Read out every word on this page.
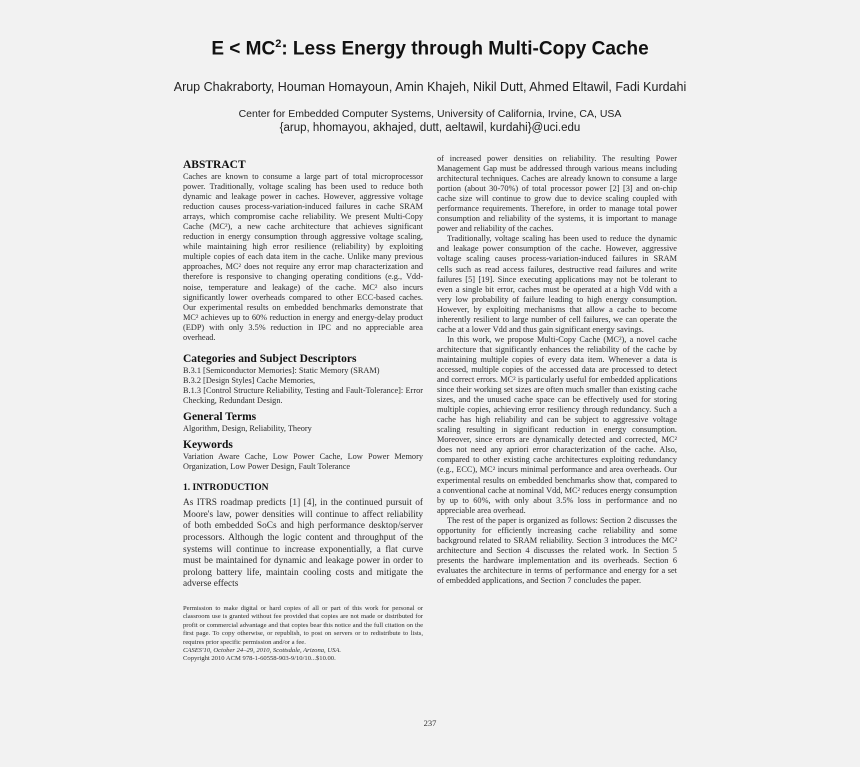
$E < MC^2$: Less Energy through Multi-Copy Cache
Arup Chakraborty, Houman Homayoun, Amin Khajeh, Nikil Dutt, Ahmed Eltawil, Fadi Kurdahi
Center for Embedded Computer Systems, University of California, Irvine, CA, USA
{arup, hhomayou, akhajed, dutt, aeltawil, kurdahi}@uci.edu
ABSTRACT

Caches are known to consume a large part of total microprocessor power. Traditionally, voltage scaling has been used to reduce both dynamic and leakage power in caches. However, aggressive voltage reduction causes process-variation-induced failures in cache SRAM arrays, which compromise cache reliability. We present Multi-Copy Cache (MC²), a new cache architecture that achieves significant reduction in energy consumption through aggressive voltage scaling, while maintaining high error resilience (reliability) by exploiting multiple copies of each data item in the cache. Unlike many previous approaches, MC² does not require any error map characterization and therefore is responsive to changing operating conditions (e.g., Vdd-noise, temperature and leakage) of the cache. MC² also incurs significantly lower overheads compared to other ECC-based caches. Our experimental results on embedded benchmarks demonstrate that MC² achieves up to 60% reduction in energy and energy-delay product (EDP) with only 3.5% reduction in IPC and no appreciable area overhead.

Categories and Subject Descriptors

B.3.1 [Semiconductor Memories]: Static Memory (SRAM)

B.3.2 [Design Styles] Cache Memories,

B.1.3 [Control Structure Reliability, Testing and Fault-Tolerance]: Error Checking, Redundant Design.

General Terms

Algorithm, Design, Reliability, Theory

Keywords

Variation Aware Cache, Low Power Cache, Low Power Memory Organization, Low Power Design, Fault Tolerance

1. INTRODUCTION

As ITRS roadmap predicts [1] [4], in the continued pursuit of Moore's law, power densities will continue to affect reliability of both embedded SoCs and high performance desktop/server processors. Although the logic content and throughput of the systems will continue to increase exponentially, a flat curve must be maintained for dynamic and leakage power in order to prolong battery life, maintain cooling costs and mitigate the adverse effects

Permission to make digital or hard copies of all or part of this work for personal or classroom use is granted without fee provided that copies are not made or distributed for profit or commercial advantage and that copies bear this notice and the full citation on the first page. To copy otherwise, or republish, to post on servers or to redistribute to lists, requires prior specific permission and/or a fee.

CASES'10, October 24–29, 2010, Scottsdale, Arizona, USA.

Copyright 2010 ACM 978-1-60558-903-9/10/10...$10.00.

of increased power densities on reliability. The resulting Power Management Gap must be addressed through various means including architectural techniques. Caches are already known to consume a large portion (about 30-70%) of total processor power [2] [3] and on-chip cache size will continue to grow due to device scaling coupled with performance requirements. Therefore, in order to manage total power consumption and reliability of the systems, it is important to manage power and reliability of the caches.

Traditionally, voltage scaling has been used to reduce the dynamic and leakage power consumption of the cache. However, aggressive voltage scaling causes process-variation-induced failures in SRAM cells such as read access failures, destructive read failures and write failures [5] [19]. Since executing applications may not be tolerant to even a single bit error, caches must be operated at a high Vdd with a very low probability of failure leading to high energy consumption. However, by exploiting mechanisms that allow a cache to become inherently resilient to large number of cell failures, we can operate the cache at a lower Vdd and thus gain significant energy savings.

In this work, we propose Multi-Copy Cache (MC²), a novel cache architecture that significantly enhances the reliability of the cache by maintaining multiple copies of every data item. Whenever a data is accessed, multiple copies of the accessed data are processed to detect and correct errors. MC² is particularly useful for embedded applications since their working set sizes are often much smaller than existing cache sizes, and the unused cache space can be effectively used for storing multiple copies, achieving error resiliency through redundancy. Such a cache has high reliability and can be subject to aggressive voltage scaling resulting in significant reduction in energy consumption. Moreover, since errors are dynamically detected and corrected, MC² does not need any apriori error characterization of the cache. Also, compared to other existing cache architectures exploiting redundancy (e.g., ECC), MC² incurs minimal performance and area overheads. Our experimental results on embedded benchmarks show that, compared to a conventional cache at nominal Vdd, MC² reduces energy consumption by up to 60%, with only about 3.5% loss in performance and no appreciable area overhead.

The rest of the paper is organized as follows: Section 2 discusses the opportunity for efficiently increasing cache reliability and some background related to SRAM reliability. Section 3 introduces the MC² architecture and Section 4 discusses the related work. In Section 5 presents the hardware implementation and its overheads. Section 6 evaluates the architecture in terms of performance and energy for a set of embedded applications, and Section 7 concludes the paper.

237
